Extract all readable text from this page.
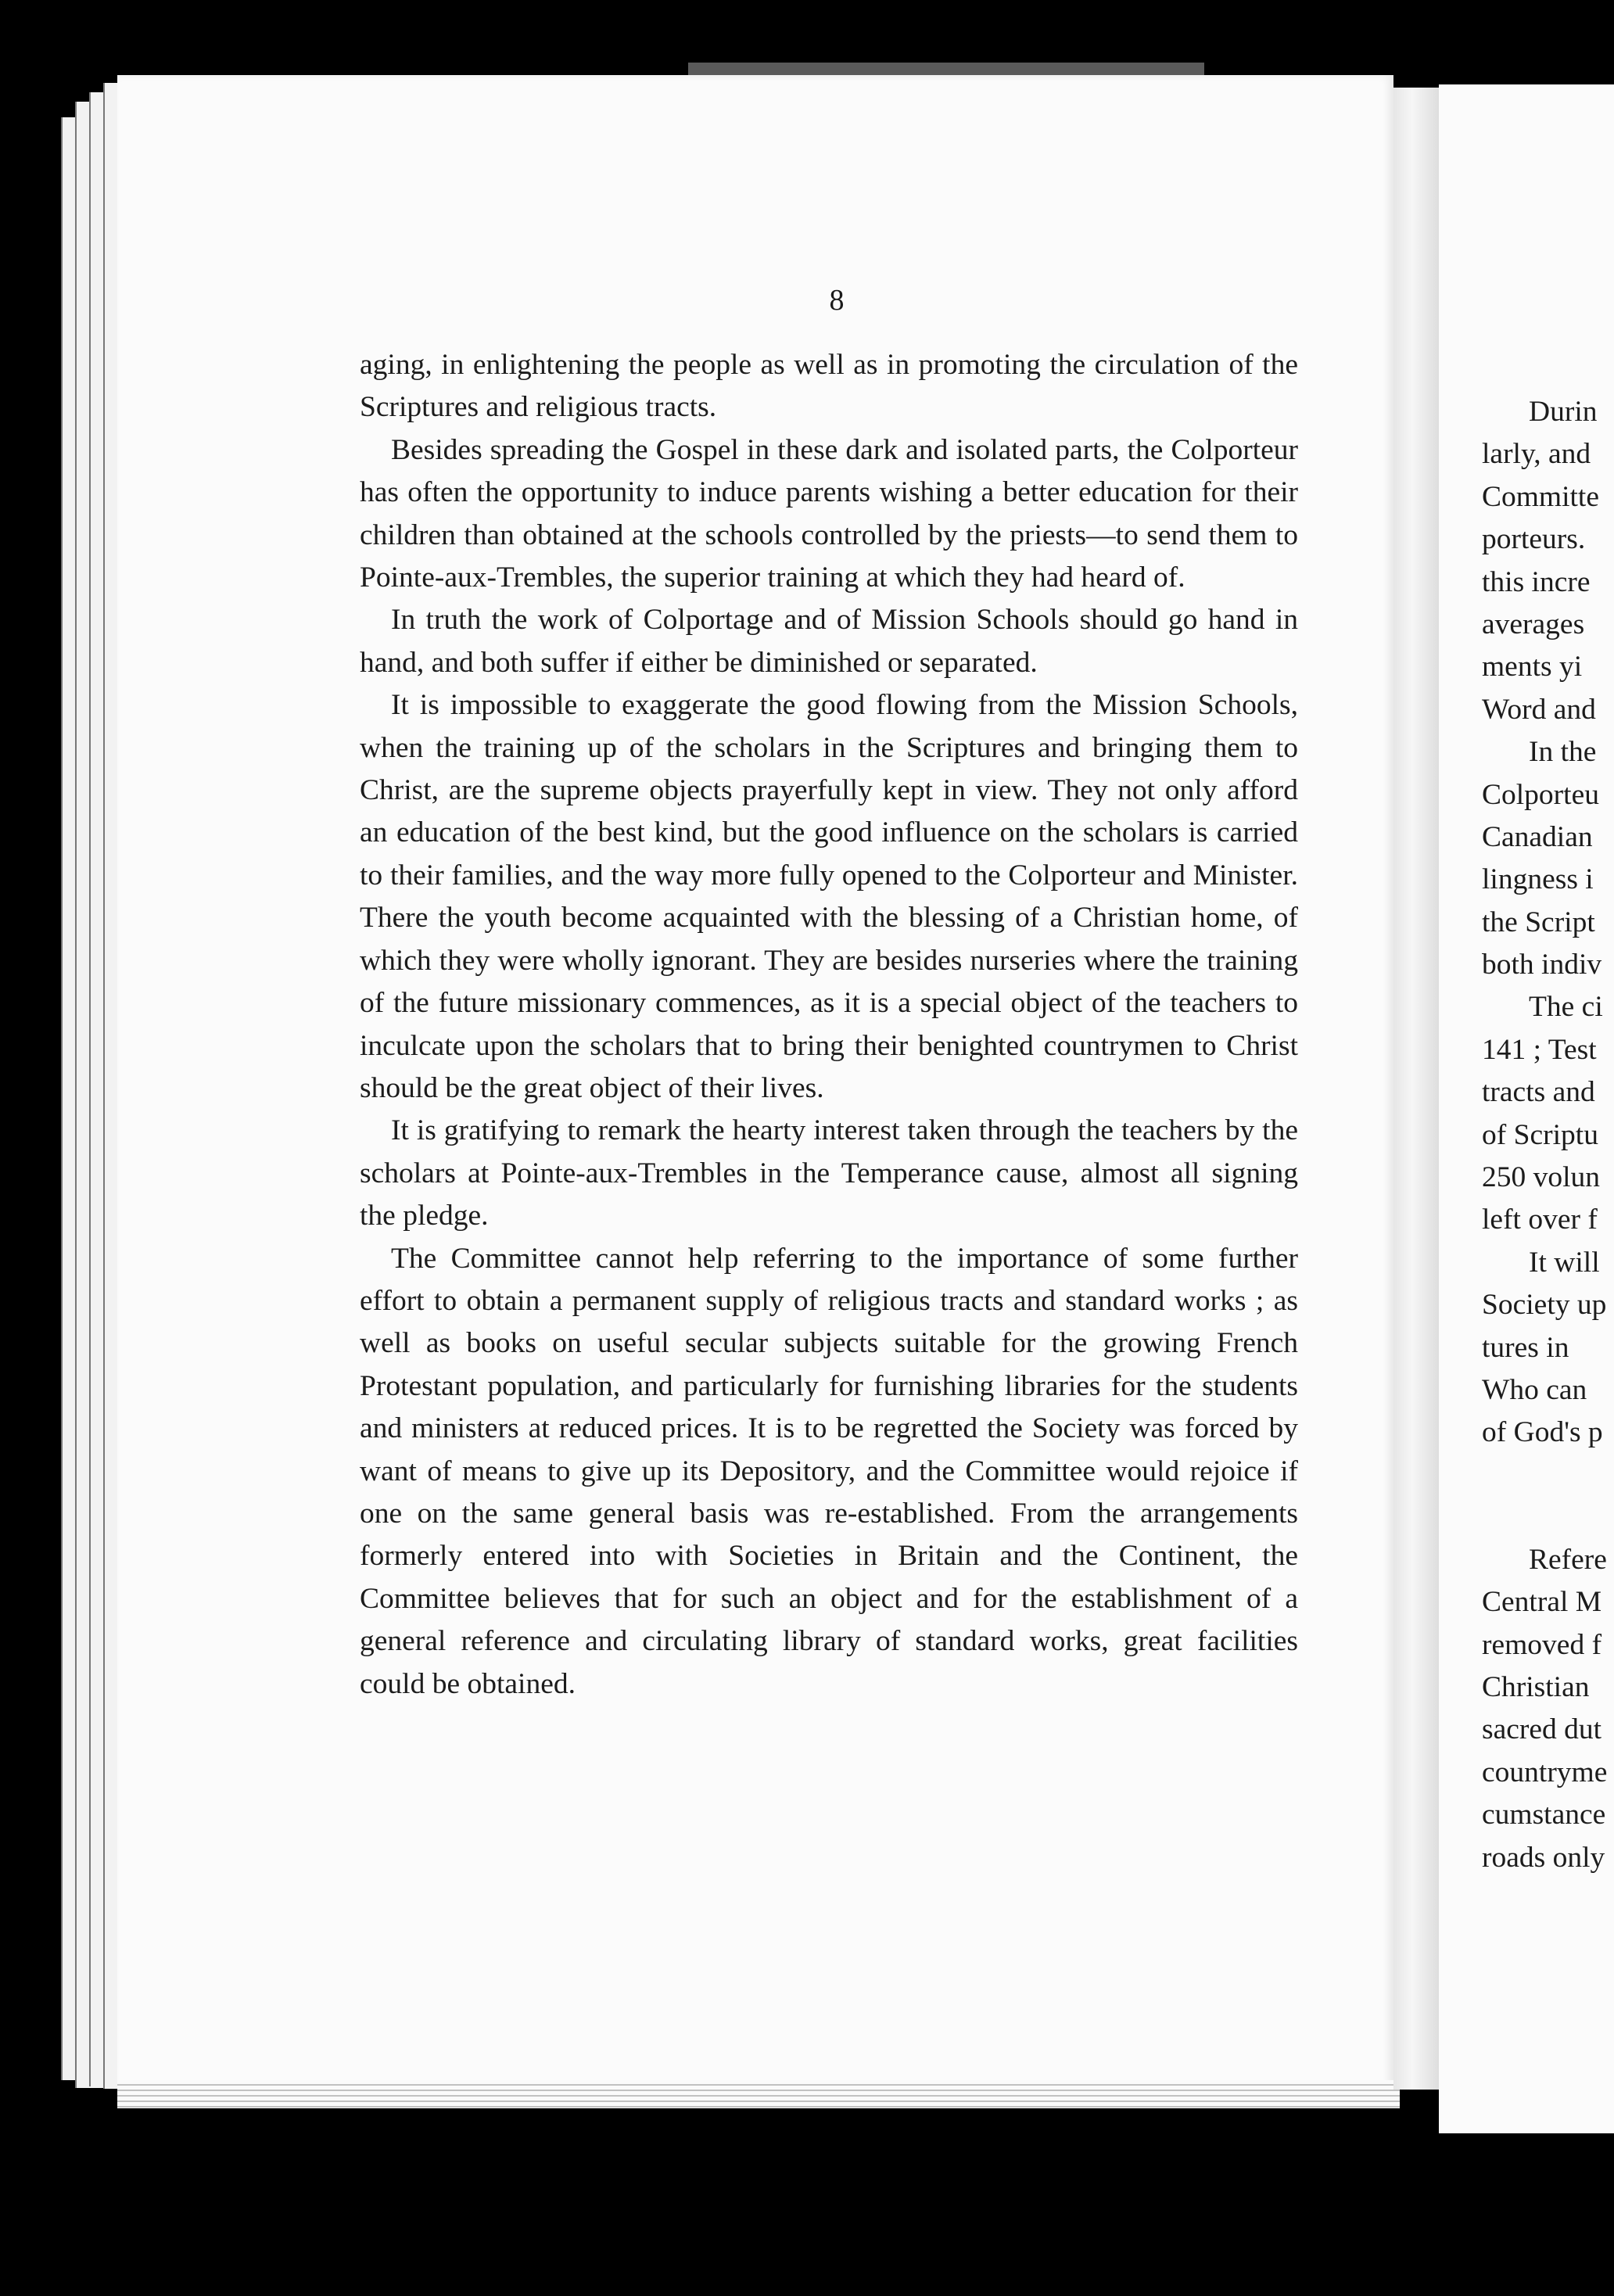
8

aging, in enlightening the people as well as in promoting the circulation of the Scriptures and religious tracts.

Besides spreading the Gospel in these dark and isolated parts, the Colporteur has often the opportunity to induce parents wishing a better education for their children than obtained at the schools controlled by the priests—to send them to Pointe-aux-Trembles, the superior training at which they had heard of.

In truth the work of Colportage and of Mission Schools should go hand in hand, and both suffer if either be diminished or separated.

It is impossible to exaggerate the good flowing from the Mission Schools, when the training up of the scholars in the Scriptures and bringing them to Christ, are the supreme objects prayerfully kept in view. They not only afford an education of the best kind, but the good influence on the scholars is carried to their families, and the way more fully opened to the Colporteur and Minister. There the youth become acquainted with the blessing of a Christian home, of which they were wholly ignorant. They are besides nurseries where the training of the future missionary commences, as it is a special object of the teachers to inculcate upon the scholars that to bring their benighted countrymen to Christ should be the great object of their lives.

It is gratifying to remark the hearty interest taken through the teachers by the scholars at Pointe-aux-Trembles in the Temperance cause, almost all signing the pledge.

The Committee cannot help referring to the importance of some further effort to obtain a permanent supply of religious tracts and standard works ; as well as books on useful secular subjects suitable for the growing French Protestant population, and particularly for furnishing libraries for the students and ministers at reduced prices. It is to be regretted the Society was forced by want of means to give up its Depository, and the Committee would rejoice if one on the same general basis was re-established. From the arrangements formerly entered into with Societies in Britain and the Continent, the Committee believes that for such an object and for the establishment of a general reference and circulating library of standard works, great facilities could be obtained.

Durin
larly, and
Committe
porteurs.
this incre
averages
ments yi
Word and
In the
Colporteu
Canadian
lingness i
the Script
both indiv
The ci
141 ; Test
tracts and
of Scriptu
250 volun
left over f
It will
Society up
tures in
Who can
of God's p
Refere
Central M
removed f
Christian
sacred dut
countryme
cumstance
roads only
